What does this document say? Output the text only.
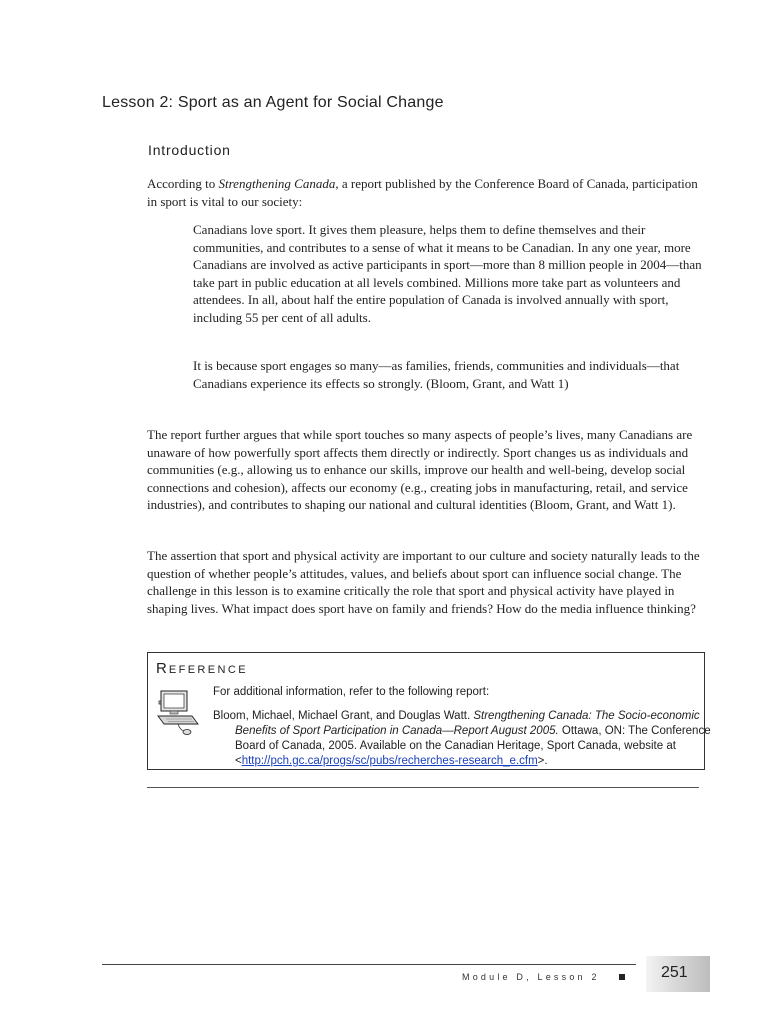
Lesson 2: Sport as an Agent for Social Change
Introduction

According to Strengthening Canada, a report published by the Conference Board of Canada, participation in sport is vital to our society:

Canadians love sport. It gives them pleasure, helps them to define themselves and their communities, and contributes to a sense of what it means to be Canadian. In any one year, more Canadians are involved as active participants in sport—more than 8 million people in 2004—than take part in public education at all levels combined. Millions more take part as volunteers and attendees. In all, about half the entire population of Canada is involved annually with sport, including 55 per cent of all adults.

It is because sport engages so many—as families, friends, communities and individuals—that Canadians experience its effects so strongly. (Bloom, Grant, and Watt 1)

The report further argues that while sport touches so many aspects of people’s lives, many Canadians are unaware of how powerfully sport affects them directly or indirectly. Sport changes us as individuals and communities (e.g., allowing us to enhance our skills, improve our health and well-being, develop social connections and cohesion), affects our economy (e.g., creating jobs in manufacturing, retail, and service industries), and contributes to shaping our national and cultural identities (Bloom, Grant, and Watt 1).

The assertion that sport and physical activity are important to our culture and society naturally leads to the question of whether people’s attitudes, values, and beliefs about sport can influence social change. The challenge in this lesson is to examine critically the role that sport and physical activity have played in shaping lives. What impact does sport have on family and friends? How do the media influence thinking?

REFERENCE
For additional information, refer to the following report:
Bloom, Michael, Michael Grant, and Douglas Watt. Strengthening Canada: The Socio-economic Benefits of Sport Participation in Canada—Report August 2005. Ottawa, ON: The Conference Board of Canada, 2005. Available on the Canadian Heritage, Sport Canada, website at <http://pch.gc.ca/progs/sc/pubs/recherches-research_e.cfm>.
Module D, Lesson 2	251
